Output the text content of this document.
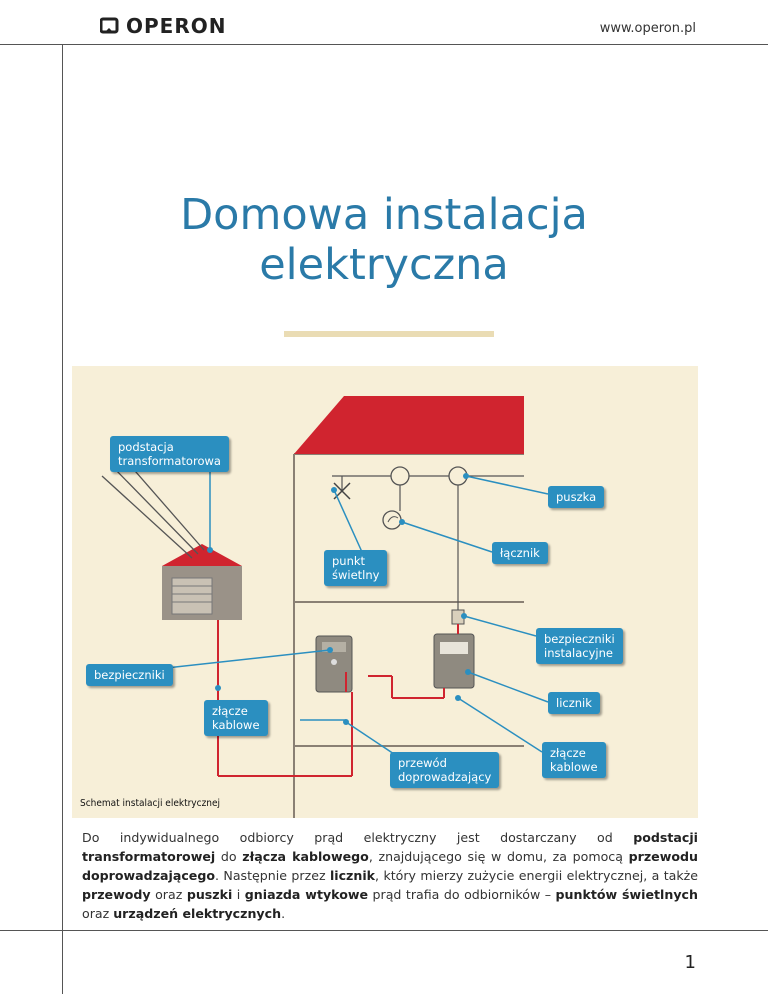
OPERON	www.operon.pl
Domowa instalacja
elektryczna
podstacja
transformatorowa
puszka
punkt
świetlny
łącznik
bezpieczniki
instalacyjne
bezpieczniki
licznik
złącze
kablowe
przewód
doprowadzający
złącze
kablowe
Schemat instalacji elektrycznej

Do indywidualnego odbiorcy prąd elektryczny jest dostarczany od podstacji transformatorowej do złącza kablowego, znajdującego się w domu, za pomocą przewodu doprowadzającego. Następnie przez licznik, który mierzy zużycie energii elektrycznej, a także przewody oraz puszki i gniazda wtykowe prąd trafia do odbiorników – punktów świetlnych oraz urządzeń elektrycznych.

1
